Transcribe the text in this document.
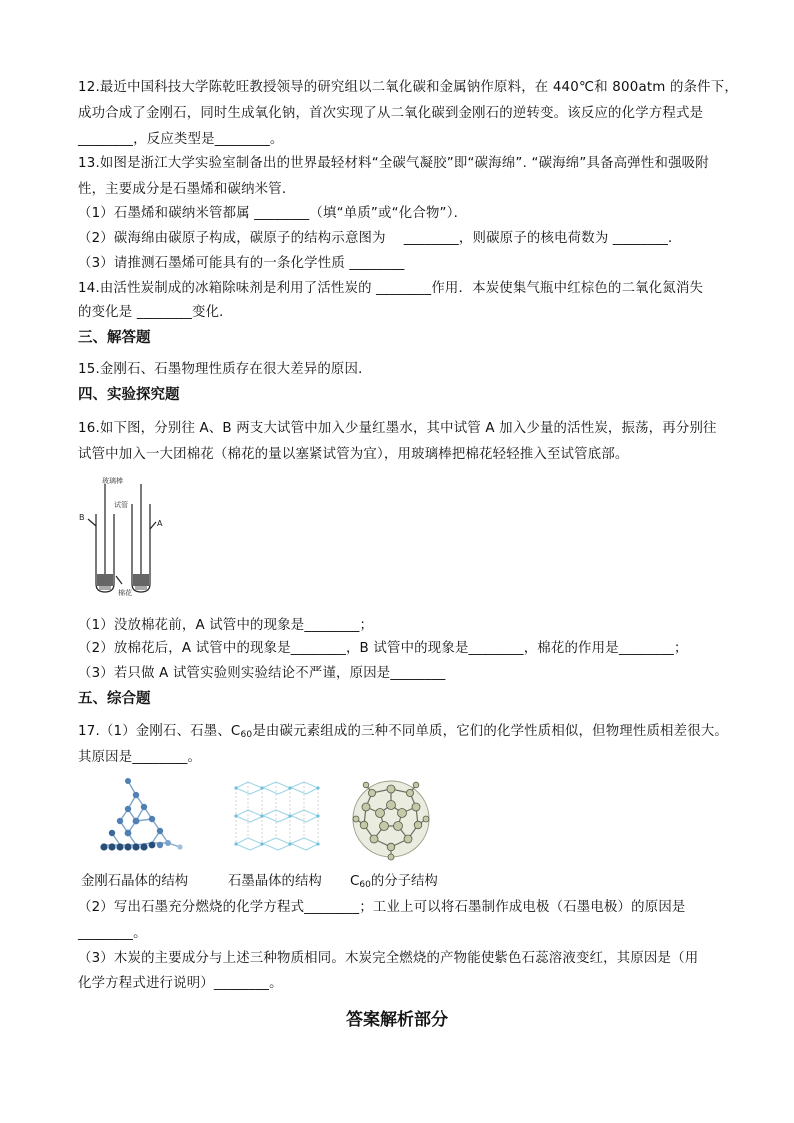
12.最近中国科技大学陈乾旺教授领导的研究组以二氧化碳和金属钠作原料，在 440℃和 800atm 的条件下，
成功合成了金刚石，同时生成氧化钠，首次实现了从二氧化碳到金刚石的逆转变。该反应的化学方程式是
________，反应类型是________。
13.如图是浙江大学实验室制备出的世界最轻材料“全碳气凝胶”即“碳海绵”. “碳海绵”具备高弹性和强吸附
性，主要成分是石墨烯和碳纳米管．
（1）石墨烯和碳纳米管都属 ________（填“单质”或“化合物”）．
（2）碳海绵由碳原子构成，碳原子的结构示意图为　 ________，则碳原子的核电荷数为 ________．
（3）请推测石墨烯可能具有的一条化学性质 ________
14.由活性炭制成的冰箱除味剂是利用了活性炭的 ________作用．本炭使集气瓶中红棕色的二氧化氮消失
的变化是 ________变化．
三、解答题
15.金刚石、石墨物理性质存在很大差异的原因．
四、实验探究题
16.如下图，分别往 A、B 两支大试管中加入少量红墨水，其中试管 A 加入少量的活性炭，振荡，再分别往
试管中加入一大团棉花（棉花的量以塞紧试管为宜），用玻璃棒把棉花轻轻推入至试管底部。
玻璃棒
试管
棉花
B
A
（1）没放棉花前，A 试管中的现象是________；
（2）放棉花后，A 试管中的现象是________，B 试管中的现象是________，棉花的作用是________；
（3）若只做 A 试管实验则实验结论不严谨，原因是________
五、综合题
17.（1）金刚石、石墨、$C_{60}$是由碳元素组成的三种不同单质，它们的化学性质相似，但物理性质相差很大。
其原因是________。
金刚石晶体的结构	石墨晶体的结构 $C_{60}$的分子结构
（2）写出石墨充分燃烧的化学方程式________；工业上可以将石墨制作成电极（石墨电极）的原因是
________。
（3）木炭的主要成分与上述三种物质相同。木炭完全燃烧的产物能使紫色石蕊溶液变红，其原因是（用
化学方程式进行说明）________。
答案解析部分
